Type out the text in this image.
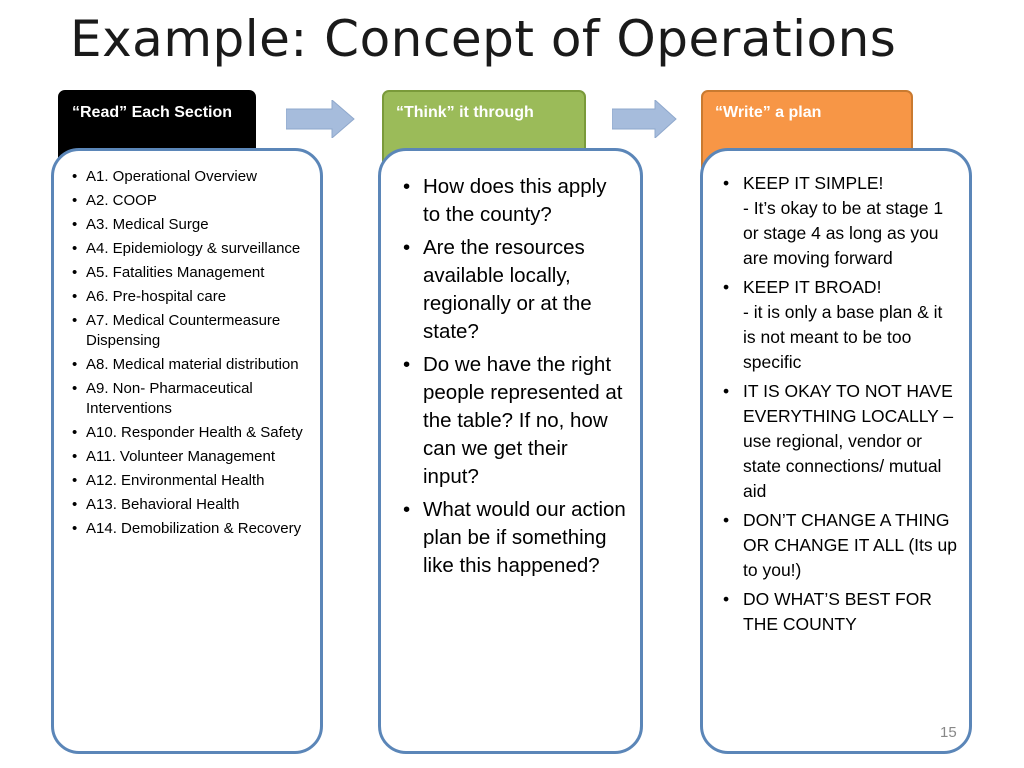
Example: Concept of Operations
“Read” Each Section	“Think” it through	“Write” a plan
• A1. Operational Overview
• A2. COOP
• A3. Medical Surge
• A4. Epidemiology & surveillance
• A5. Fatalities Management
• A6. Pre-hospital care
• A7. Medical Countermeasure Dispensing
• A8. Medical material distribution
• A9. Non- Pharmaceutical Interventions
• A10. Responder Health & Safety
• A11. Volunteer Management
• A12. Environmental Health
• A13. Behavioral Health
• A14. Demobilization & Recovery
• How does this apply to the county?
• Are the resources available locally, regionally or at the state?
• Do we have the right people represented at the table? If no, how can we get their input?
• What would our action plan be if something like this happened?
• KEEP IT SIMPLE!
- It’s okay to be at stage 1 or stage 4 as long as you are moving forward
• KEEP IT BROAD!
- it is only a base plan & it is not meant to be too specific
• IT IS OKAY TO NOT HAVE EVERYTHING LOCALLY – use regional, vendor or state connections/ mutual aid
• DON’T CHANGE A THING OR CHANGE IT ALL (Its up to you!)
• DO WHAT’S BEST FOR THE COUNTY
15
